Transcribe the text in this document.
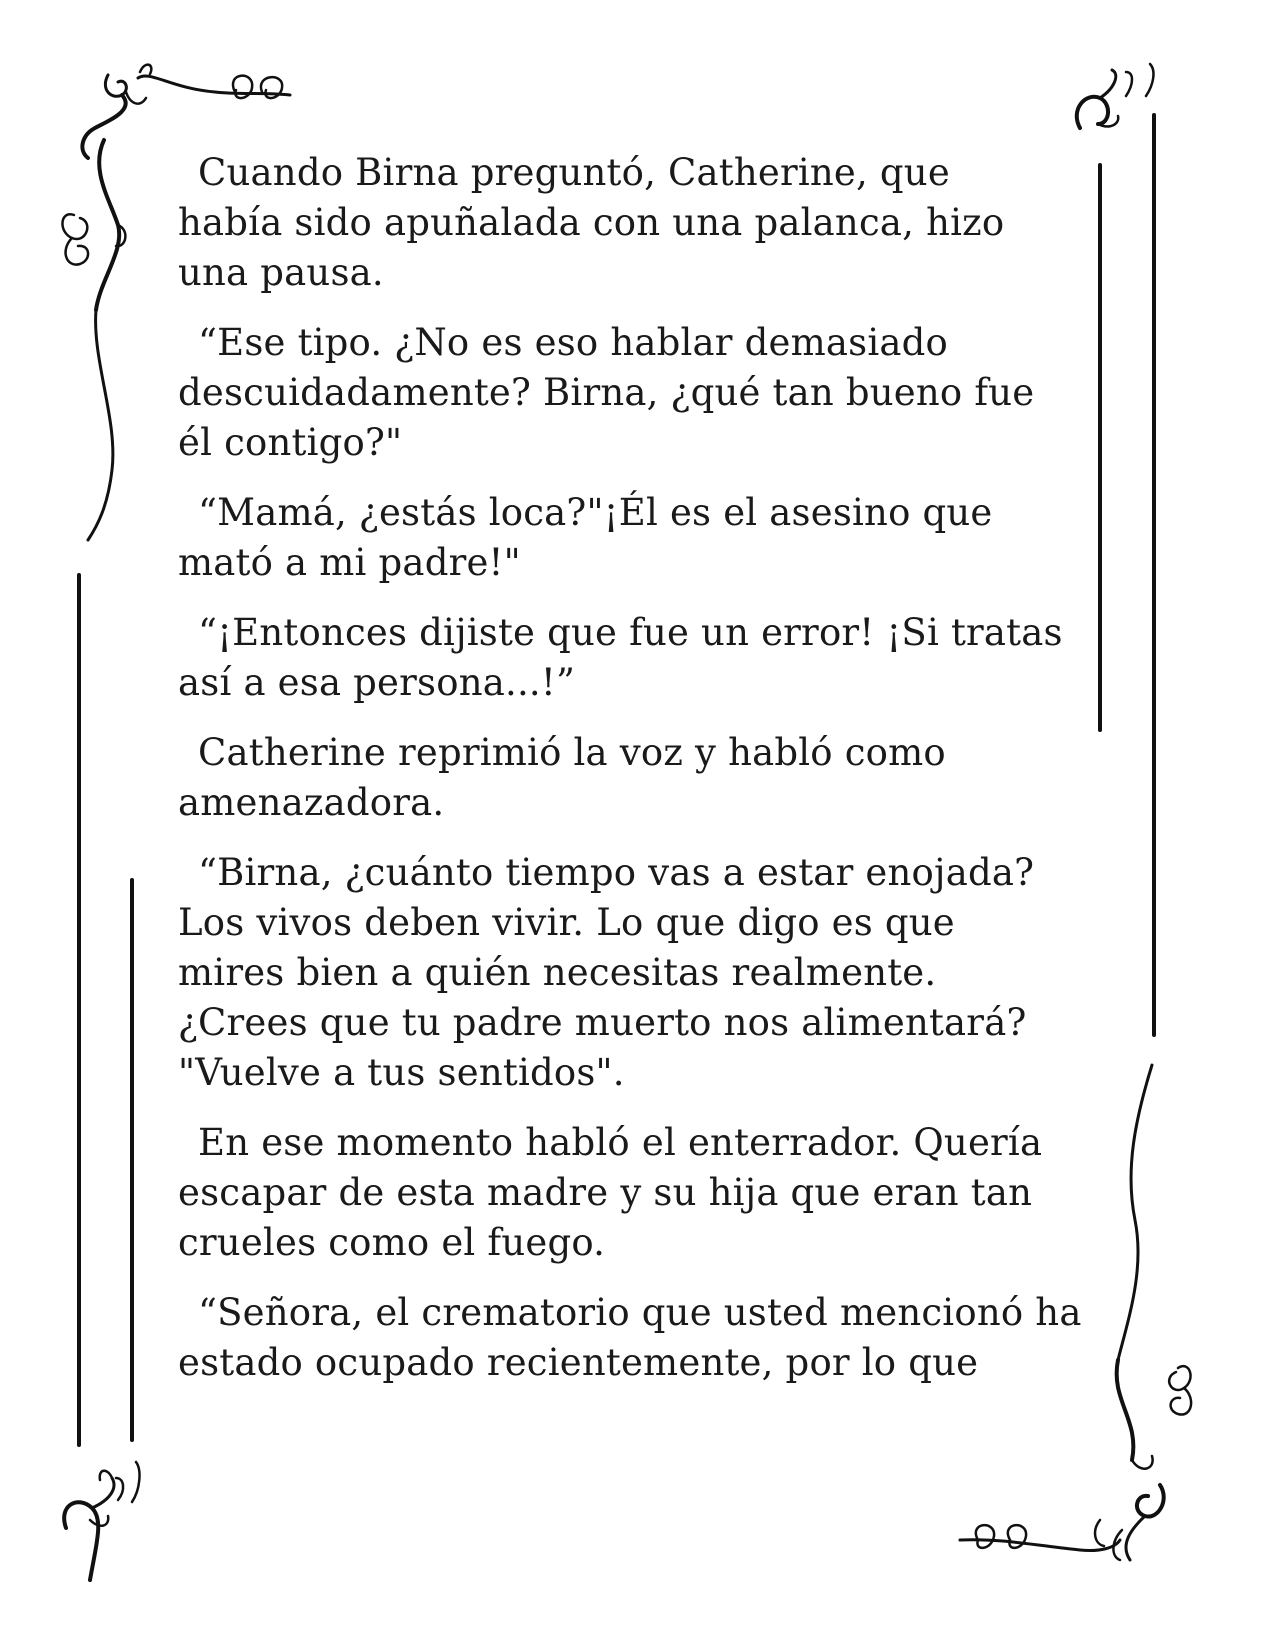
Cuando Birna preguntó, Catherine, que
había sido apuñalada con una palanca, hizo
una pausa.

“Ese tipo. ¿No es eso hablar demasiado
descuidadamente? Birna, ¿qué tan bueno fue
él contigo?"

“Mamá, ¿estás loca?"¡Él es el asesino que
mató a mi padre!"

“¡Entonces dijiste que fue un error! ¡Si tratas
así a esa persona...!”

Catherine reprimió la voz y habló como
amenazadora.

“Birna, ¿cuánto tiempo vas a estar enojada?
Los vivos deben vivir. Lo que digo es que
mires bien a quién necesitas realmente.
¿Crees que tu padre muerto nos alimentará?
"Vuelve a tus sentidos".

En ese momento habló el enterrador. Quería
escapar de esta madre y su hija que eran tan
crueles como el fuego.

“Señora, el crematorio que usted mencionó ha
estado ocupado recientemente, por lo que
